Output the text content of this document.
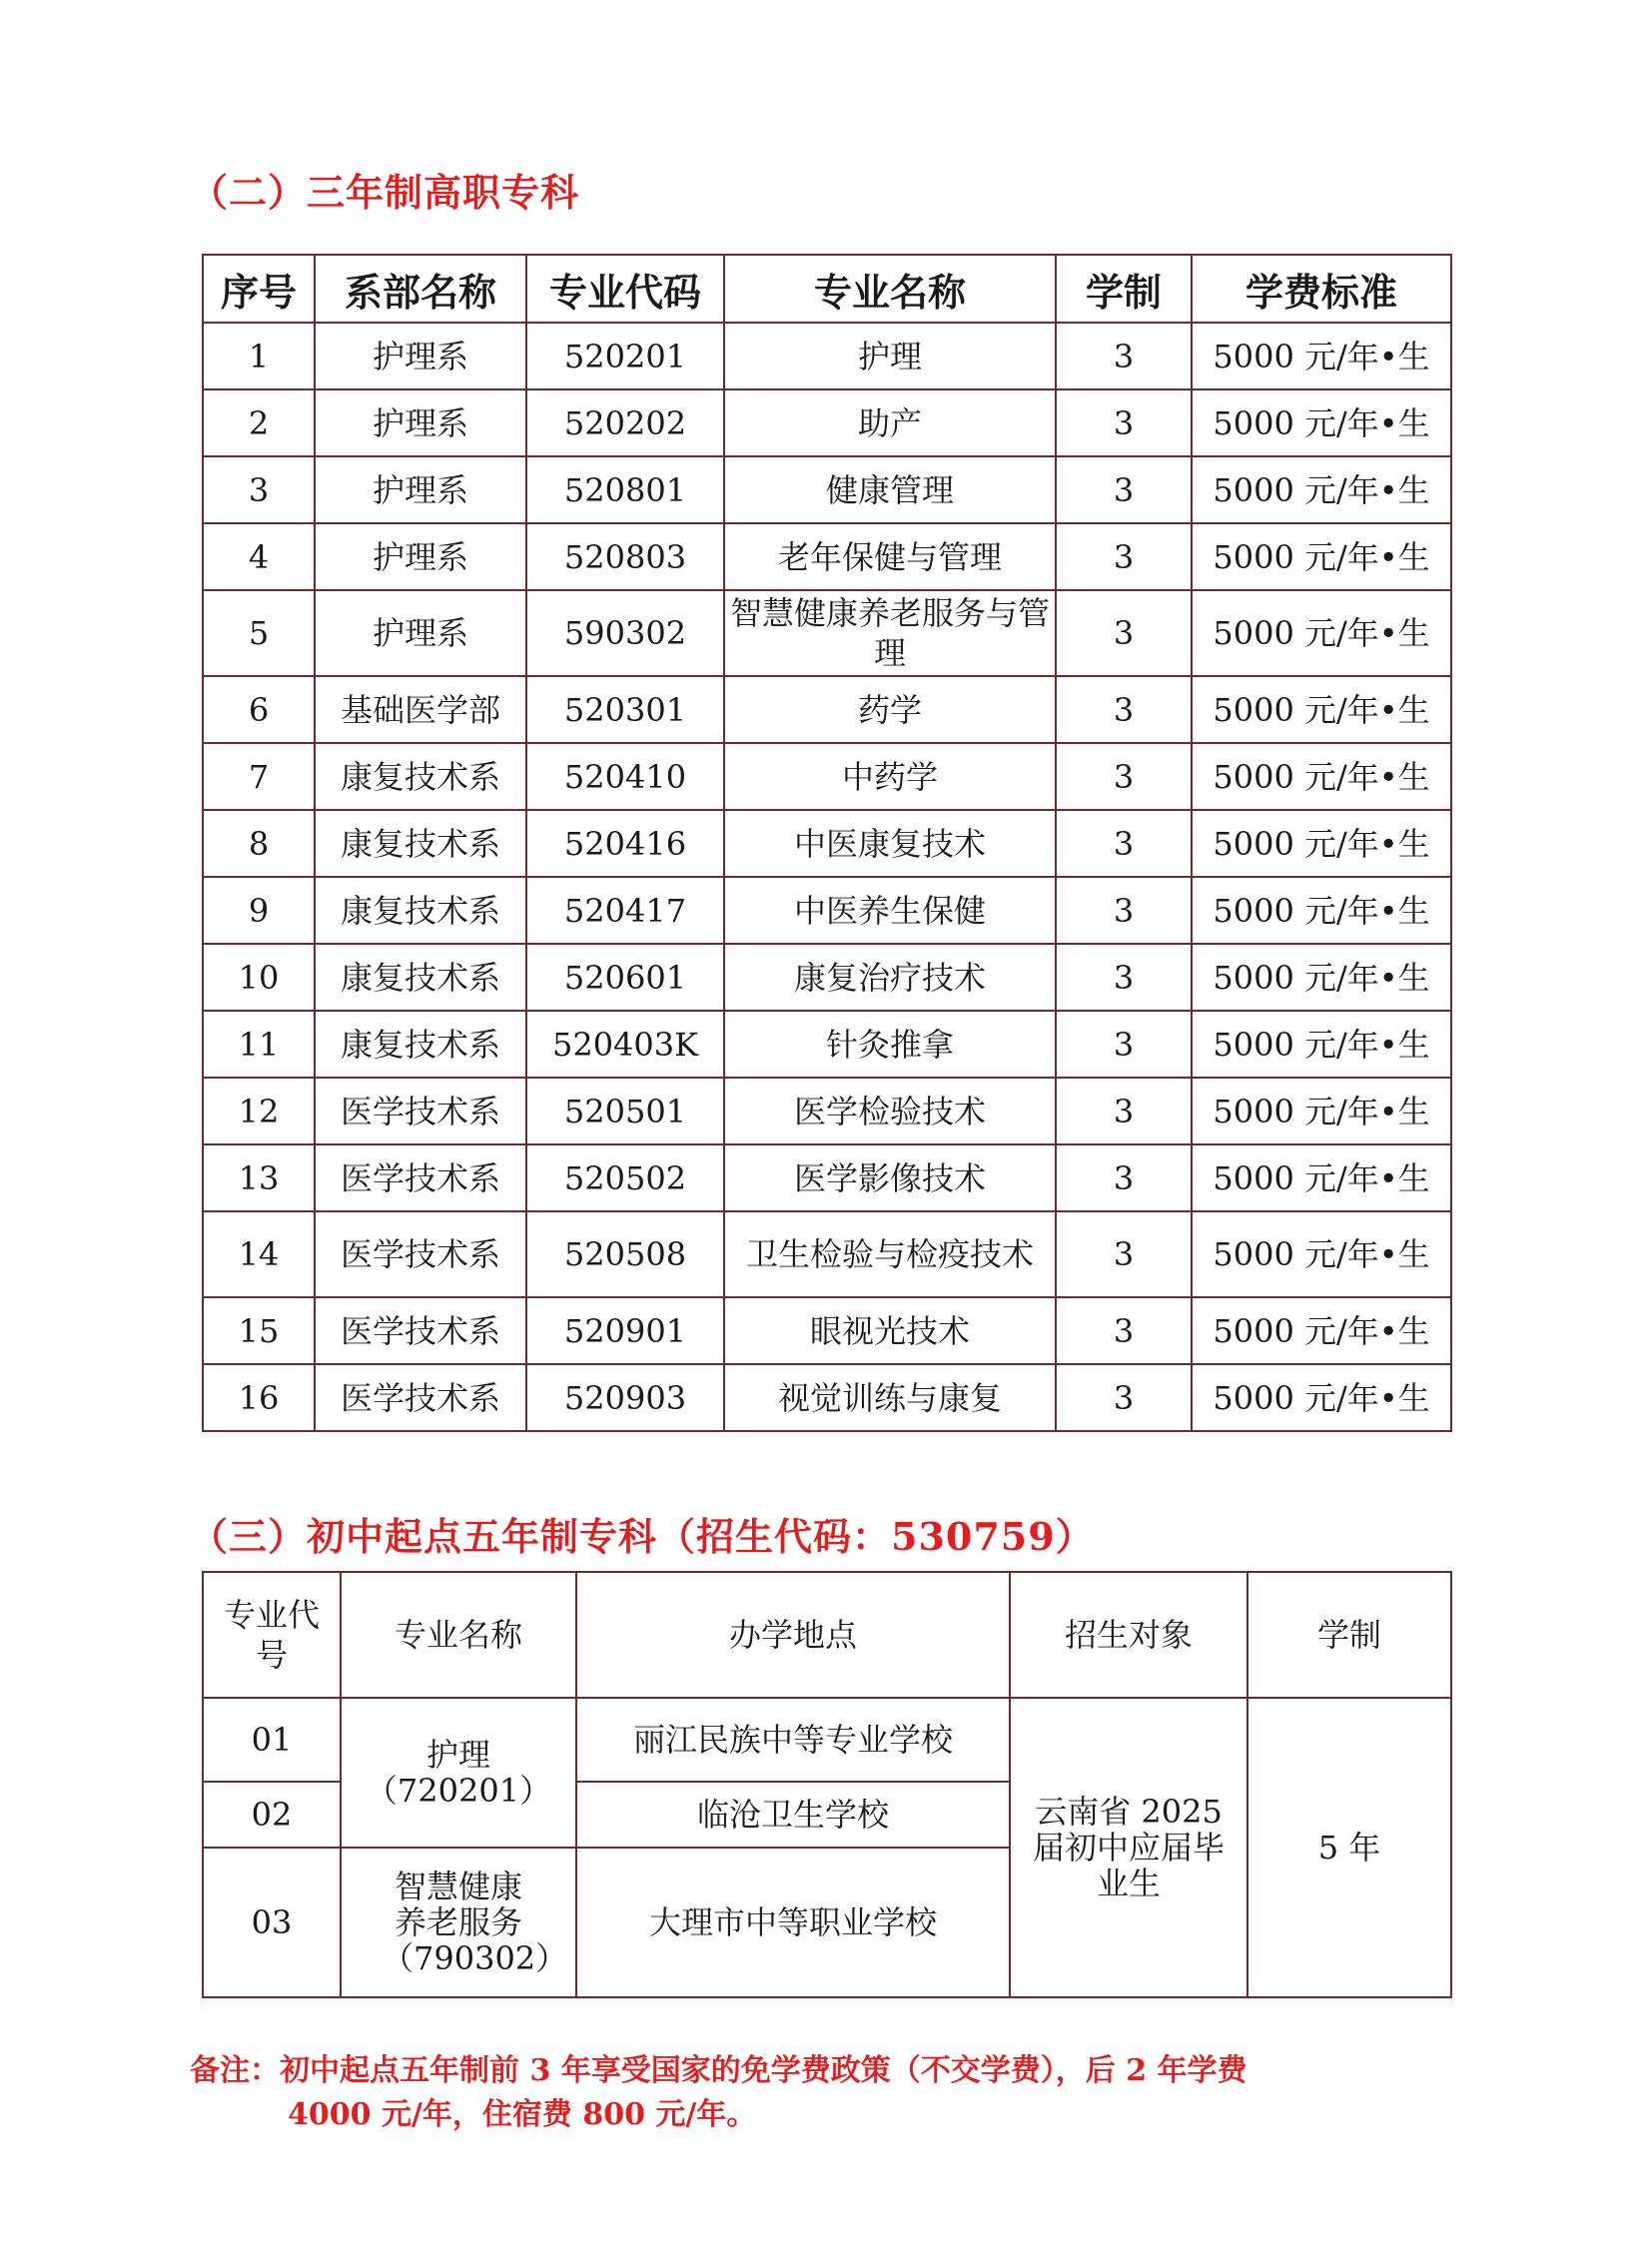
（二）三年制高职专科
序号	系部名称	专业代码	专业名称	学制	学费标准
1	护理系	520201	护理	3	5000 元/年•生
2	护理系	520202	助产	3	5000 元/年•生
3	护理系	520801	健康管理	3	5000 元/年•生
4	护理系	520803	老年保健与管理	3	5000 元/年•生
5	护理系	590302	智慧健康养老服务与管理	3	5000 元/年•生
6	基础医学部	520301	药学	3	5000 元/年•生
7	康复技术系	520410	中药学	3	5000 元/年•生
8	康复技术系	520416	中医康复技术	3	5000 元/年•生
9	康复技术系	520417	中医养生保健	3	5000 元/年•生
10	康复技术系	520601	康复治疗技术	3	5000 元/年•生
11	康复技术系	520403K	针灸推拿	3	5000 元/年•生
12	医学技术系	520501	医学检验技术	3	5000 元/年•生
13	医学技术系	520502	医学影像技术	3	5000 元/年•生
14	医学技术系	520508	卫生检验与检疫技术	3	5000 元/年•生
15	医学技术系	520901	眼视光技术	3	5000 元/年•生
16	医学技术系	520903	视觉训练与康复	3	5000 元/年•生
（三）初中起点五年制专科（招生代码：530759）
专业代号	专业名称	办学地点	招生对象	学制
01	护理（720201）	丽江民族中等专业学校	云南省 2025 届初中应届毕业生	5 年
02		临沧卫生学校		
03	智慧健康养老服务（790302）	大理市中等职业学校		
备注：初中起点五年制前 3 年享受国家的免学费政策（不交学费），后 2 年学费
4000 元/年，住宿费 800 元/年。
